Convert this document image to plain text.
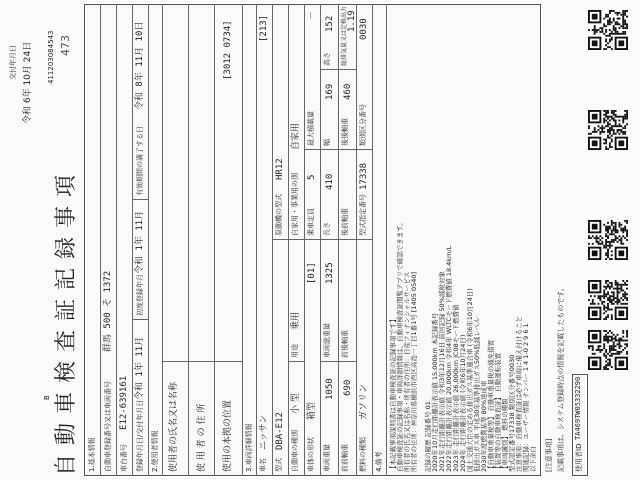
交付年月日 令和 6年 10月 24日 411203084543
自 動 車 検 査 証 記 録 事 項
B
473
1.基本情報 自動車登録番号又は車両番号
群馬 500 そ 1372
車台番号
E12-639161 登録年月日/交付年月日
令和 1年 11月
初度登録年月
令和 1年 11月
有効期間の満了する日
令和 8年 11月 10日
2.使用者情報 使用者の氏名又は名称 使 用 者 の 住 所 使用の本拠の位置
[3012 0734]
3.車両詳細情報 車名
ニッサン
[213]
型式
DBA-E12
原動機の型式
HR12
自動車の種別
小 型
用途
乗用
自家用・事業用の別
自家用
車体の形状
箱型
[01]
乗車定員
5
最大積載量
－
車両重量
1050
車両総重量
1325
長さ
410
幅
169
高さ
152
前前軸重
690
前後軸重
後前軸重
後後軸重
460
総排気量又は定格出力 1.19
燃料の種類
ガソリン
型式指定番号
17338
類別区分番号
0030
4.備考 【本記載事項説明書は自動車検査証の記録事項です】 自動車検査証の記録事項・車両詳細情報は、自動車検査証閲覧アプリで確認できます。 所有者の氏名又は名称・所有者の住所：日産フィナンシャルサービス 所有者の住所：神奈川県横浜市西区高島一丁目1番1号 [1405 0540]
記録の履歴 記録番号 01 2020年10月走行距離計表示値 15,000km 本記録番号 2021年走行距離計表示値 令和3年12月16日 前回記録 50%減税対象 2022年走行距離計表示値 20,000km 令和4年 WLTCモード燃費値 18.4km/L 2023年 走行距離計表示値 26,000km JC08モード燃費値 2024年 走行距離計表示値 (令和6年10月24日) 国土交通大臣の定める排出ガス基準適合車 (令和6年10月24日) 低排出ガス車 平成30年基準排出ガス50%低減レベル 2030年度燃費基準 80%達成車 【自動車重量税等】 自動車重量税の減免措置 【装置等の自動車検査証】 自動運転装置 【車両識別】 燃料の種類 型式認定番号17338 類別区分番号0030 注意事項：自動車検査証は必ず車両に備え付けること 関連記録：ユーザー情報 ナンバー 1 4 1-0 2 9 6 1 以下余白 [注意事項] 記載事項は、システム登録時点の情報を記載したものです。 使用者ID
TA469TW05332290
